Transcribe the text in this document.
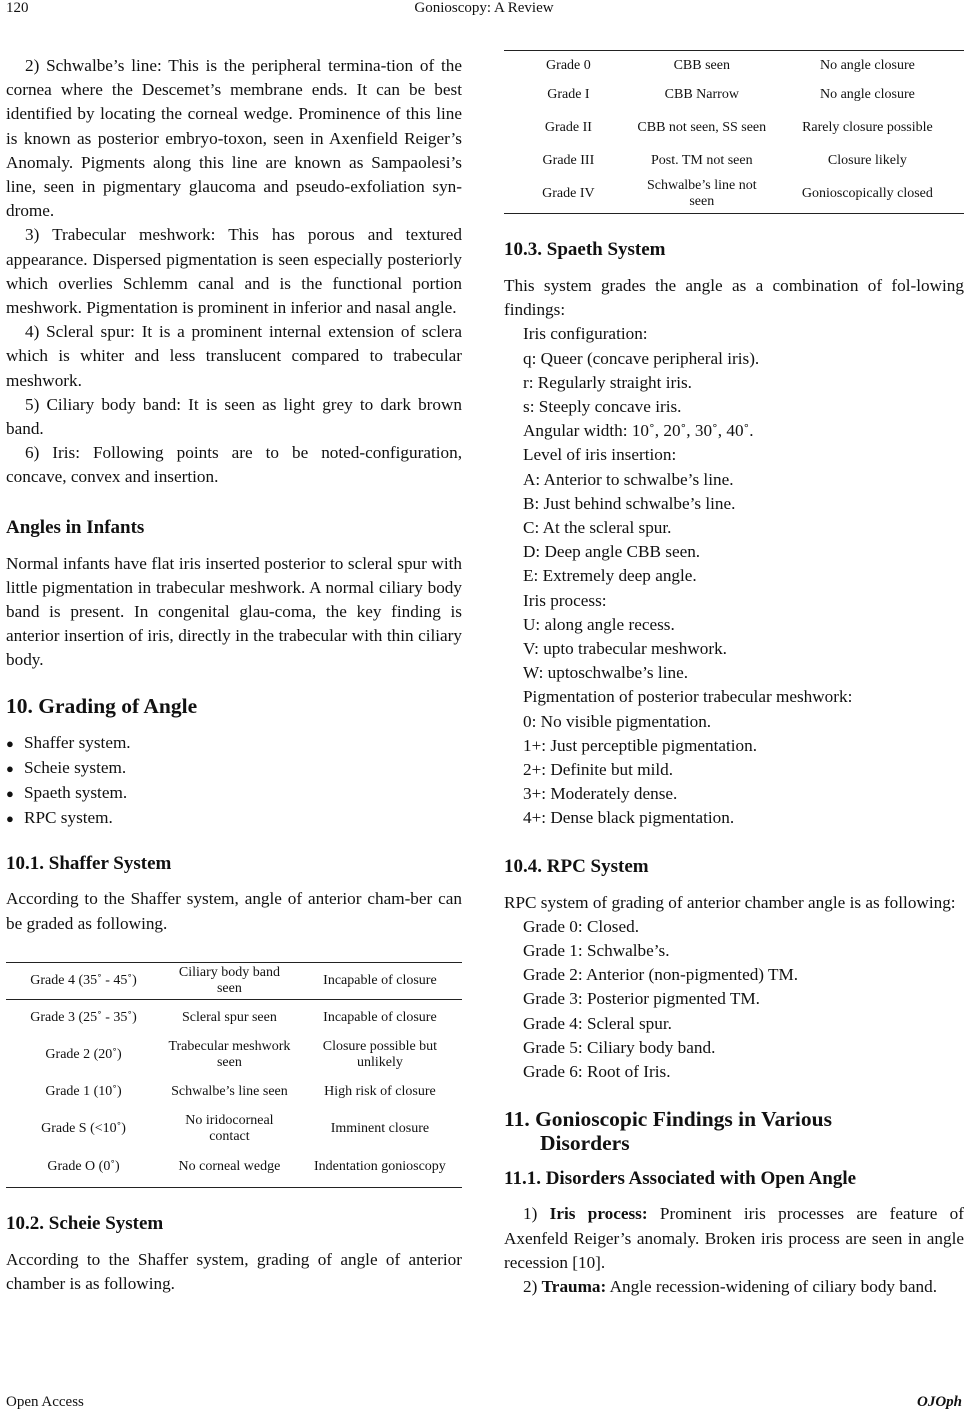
120	Gonioscopy: A Review

2) Schwalbe’s line: This is the peripheral termina-tion of the cornea where the Descemet’s membrane ends. It can be best identified by locating the corneal wedge. Prominence of this line is known as posterior embryo-toxon, seen in Axenfield Reiger’s Anomaly. Pigments along this line are known as Sampaolesi’s line, seen in pigmentary glaucoma and pseudo-exfoliation syn-drome.

3) Trabecular meshwork: This has porous and textured appearance. Dispersed pigmentation is seen especially posteriorly which overlies Schlemm canal and is the functional portion meshwork. Pigmentation is prominent in inferior and nasal angle.

4) Scleral spur: It is a prominent internal extension of sclera which is whiter and less translucent compared to trabecular meshwork.

5) Ciliary body band: It is seen as light grey to dark brown band.

6) Iris: Following points are to be noted-configuration, concave, convex and insertion.

Angles in Infants

Normal infants have flat iris inserted posterior to scleral spur with little pigmentation in trabecular meshwork. A normal ciliary body band is present. In congenital glau-coma, the key finding is anterior insertion of iris, directly in the trabecular with thin ciliary body.

10. Grading of Angle
● Shaffer system.
● Scheie system.
● Spaeth system.
● RPC system.
10.1. Shaffer System

According to the Shaffer system, angle of anterior cham-ber can be graded as following.

Grade 4 (35˚ - 45˚)	Ciliary body band seen	Incapable of closure
Grade 3 (25˚ - 35˚)	Scleral spur seen	Incapable of closure
Grade 2 (20˚)	Trabecular meshwork seen	Closure possible but unlikely
Grade 1 (10˚)	Schwalbe’s line seen	High risk of closure
Grade S (<10˚)	No iridocorneal contact	Imminent closure
Grade O (0˚)	No corneal wedge	Indentation gonioscopy
10.2. Scheie System

According to the Shaffer system, grading of angle of anterior chamber is as following.

Grade 0	CBB seen	No angle closure
Grade I	CBB Narrow	No angle closure
Grade II	CBB not seen, SS seen	Rarely closure possible
Grade III	Post. TM not seen	Closure likely
Grade IV	Schwalbe’s line not seen	Gonioscopically closed
10.3. Spaeth System

This system grades the angle as a combination of fol-lowing findings:

Iris configuration:
q: Queer (concave peripheral iris).
r: Regularly straight iris.
s: Steeply concave iris.
Angular width: 10˚, 20˚, 30˚, 40˚.
Level of iris insertion:
A: Anterior to schwalbe’s line.
B: Just behind schwalbe’s line.
C: At the scleral spur.
D: Deep angle CBB seen.
E: Extremely deep angle.
Iris process:
U: along angle recess.
V: upto trabecular meshwork.
W: uptoschwalbe’s line.
Pigmentation of posterior trabecular meshwork:
0: No visible pigmentation.
1+: Just perceptible pigmentation.
2+: Definite but mild.
3+: Moderately dense.
4+: Dense black pigmentation.
10.4. RPC System

RPC system of grading of anterior chamber angle is as following:

Grade 0: Closed.
Grade 1: Schwalbe’s.
Grade 2: Anterior (non-pigmented) TM.
Grade 3: Posterior pigmented TM.
Grade 4: Scleral spur.
Grade 5: Ciliary body band.
Grade 6: Root of Iris.
11. Gonioscopic Findings in Various
Disorders
11.1. Disorders Associated with Open Angle

1) Iris process: Prominent iris processes are feature of Axenfeld Reiger’s anomaly. Broken iris process are seen in angle recession [10].

2) Trauma: Angle recession-widening of ciliary body band.

Open Access	OJOph
